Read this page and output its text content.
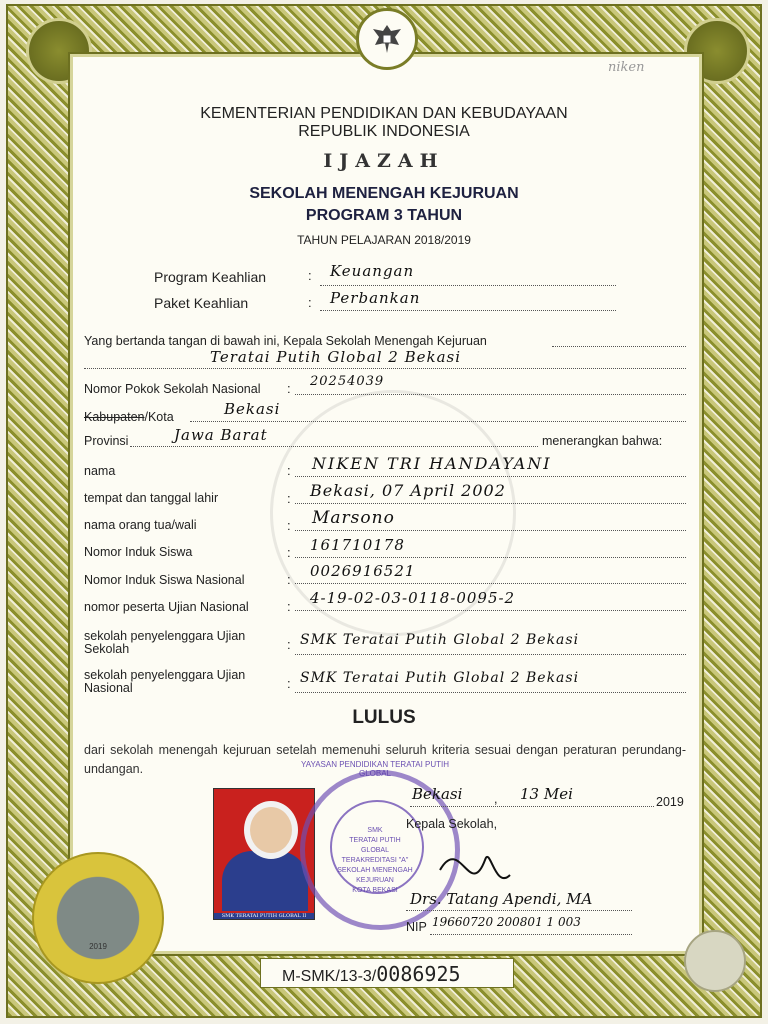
niken
KEMENTERIAN PENDIDIKAN DAN KEBUDAYAAN
REPUBLIK INDONESIA
IJAZAH
SEKOLAH MENENGAH KEJURUAN
PROGRAM 3 TAHUN
TAHUN PELAJARAN 2018/2019
Program Keahlian	: Keuangan
Paket Keahlian	: Perbankan
Yang bertanda tangan di bawah ini, Kepala Sekolah Menengah Kejuruan
Teratai Putih Global 2 Bekasi
Nomor Pokok Sekolah Nasional : 20254039
Kabupaten/Kota	Bekasi
Provinsi	Jawa Barat	menerangkan bahwa:
nama	: NIKEN TRI HANDAYANI
tempat dan tanggal lahir	: Bekasi, 07 April 2002
nama orang tua/wali	: Marsono
Nomor Induk Siswa	: 161710178
Nomor Induk Siswa Nasional	: 0026916521
nomor peserta Ujian Nasional	: 4-19-02-03-0118-0095-2
sekolah penyelenggara Ujian Sekolah	: SMK Teratai Putih Global 2 Bekasi
sekolah penyelenggara Ujian Nasional	: SMK Teratai Putih Global 2 Bekasi
LULUS
dari sekolah menengah kejuruan setelah memenuhi seluruh kriteria sesuai dengan peraturan perundang-undangan.
SMK TERATAI PUTIH GLOBAL II
SMK
TERATAI PUTIH GLOBAL
TERAKREDITASI "A"
SEKOLAH MENENGAH KEJURUAN
KOTA BEKASI
YAYASAN PENDIDIKAN TERATAI PUTIH GLOBAL
Bekasi	, 13 Mei	2019
Kepala Sekolah,
Drs. Tatang Apendi, MA
NIP 19660720 200801 1 003
2019
M-SMK/13-3/0086925
